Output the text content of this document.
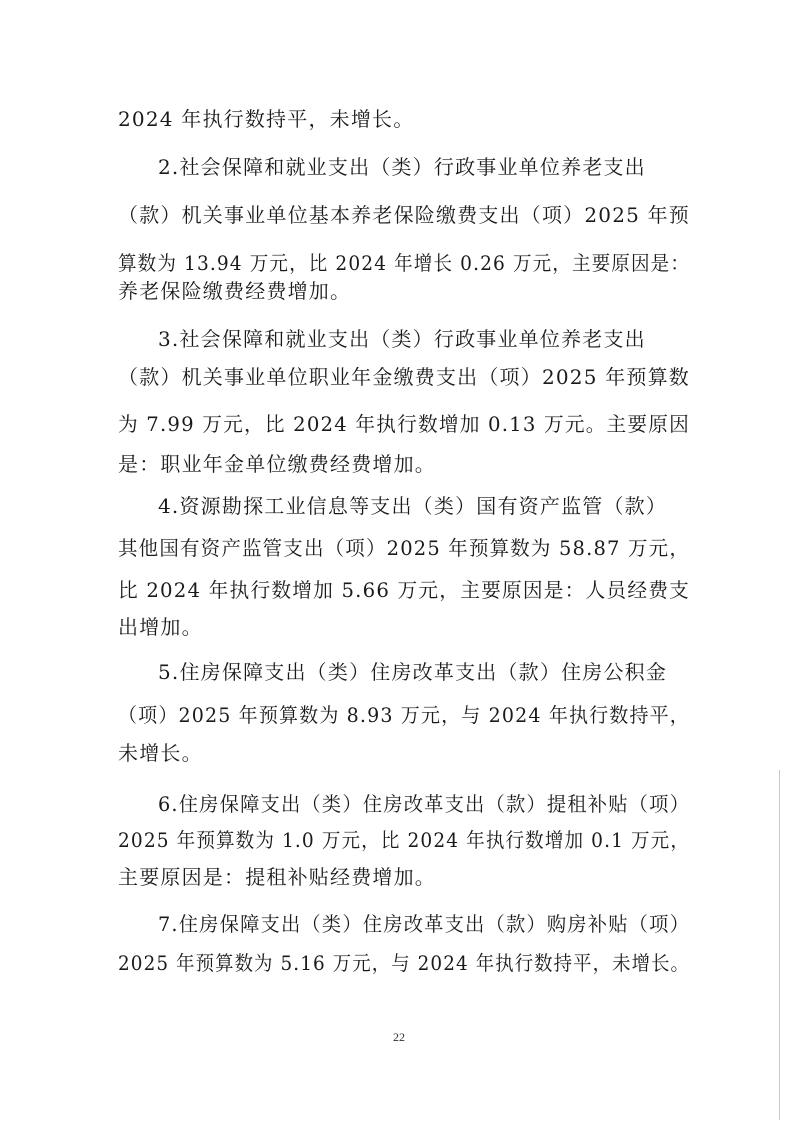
2024 年执行数持平，未增长。
2.社会保障和就业支出（类）行政事业单位养老支出
（款）机关事业单位基本养老保险缴费支出（项）2025 年预
算数为 13.94 万元，比 2024 年增长 0.26 万元，主要原因是：
养老保险缴费经费增加。
3.社会保障和就业支出（类）行政事业单位养老支出
（款）机关事业单位职业年金缴费支出（项）2025 年预算数
为 7.99 万元，比 2024 年执行数增加 0.13 万元。主要原因
是：职业年金单位缴费经费增加。
4.资源勘探工业信息等支出（类）国有资产监管（款）
其他国有资产监管支出（项）2025 年预算数为 58.87 万元，
比 2024 年执行数增加 5.66 万元，主要原因是：人员经费支
出增加。
5.住房保障支出（类）住房改革支出（款）住房公积金
（项）2025 年预算数为 8.93 万元，与 2024 年执行数持平，
未增长。
6.住房保障支出（类）住房改革支出（款）提租补贴（项）
2025 年预算数为 1.0 万元，比 2024 年执行数增加 0.1 万元，
主要原因是：提租补贴经费增加。
7.住房保障支出（类）住房改革支出（款）购房补贴（项）
2025 年预算数为 5.16 万元，与 2024 年执行数持平，未增长。
22
